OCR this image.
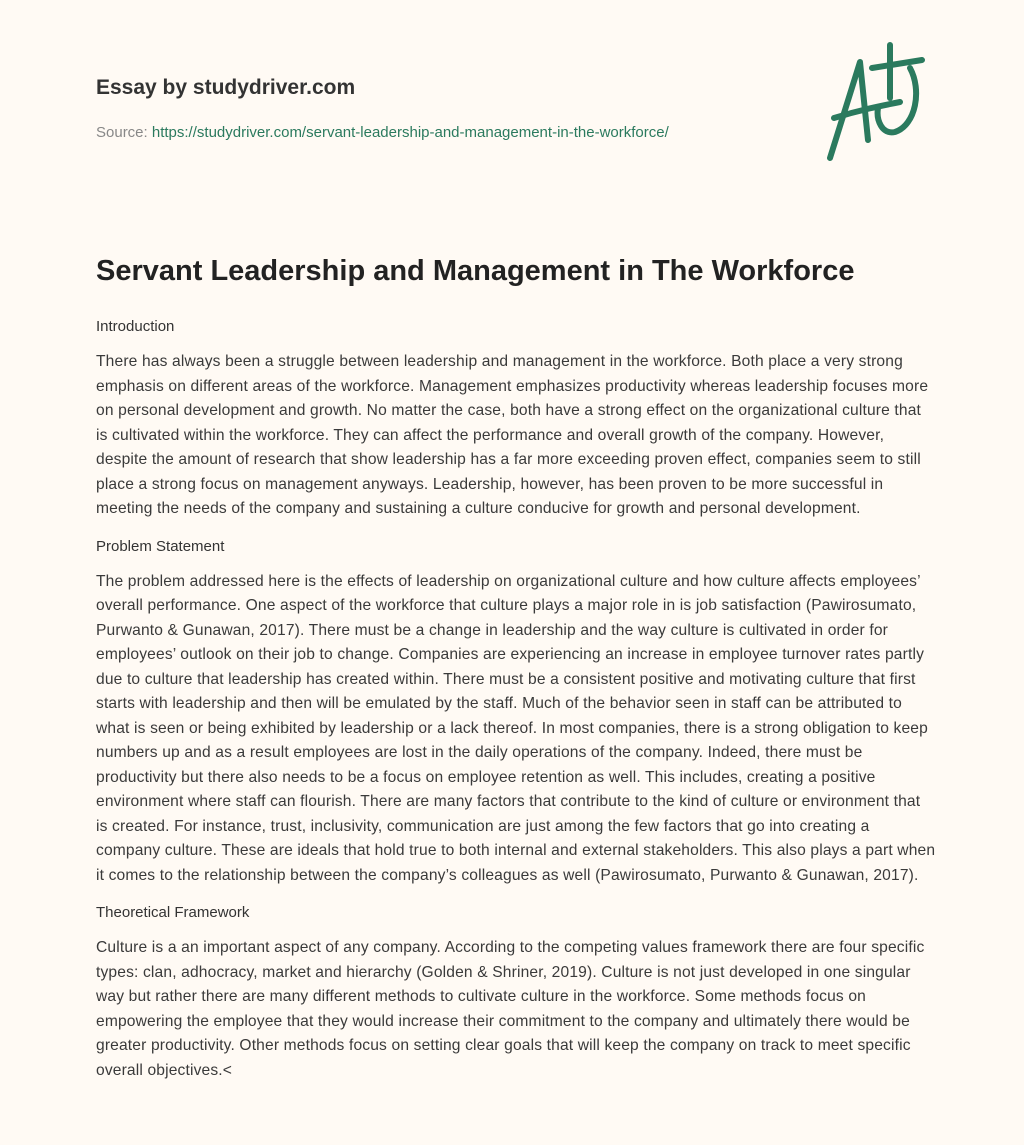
Essay by studydriver.com
Source: https://studydriver.com/servant-leadership-and-management-in-the-workforce/
Servant Leadership and Management in The Workforce
Introduction

There has always been a struggle between leadership and management in the workforce. Both place a very strong emphasis on different areas of the workforce. Management emphasizes productivity whereas leadership focuses more on personal development and growth. No matter the case, both have a strong effect on the organizational culture that is cultivated within the workforce. They can affect the performance and overall growth of the company. However, despite the amount of research that show leadership has a far more exceeding proven effect, companies seem to still place a strong focus on management anyways. Leadership, however, has been proven to be more successful in meeting the needs of the company and sustaining a culture conducive for growth and personal development.

Problem Statement

The problem addressed here is the effects of leadership on organizational culture and how culture affects employees’ overall performance. One aspect of the workforce that culture plays a major role in is job satisfaction (Pawirosumato, Purwanto & Gunawan, 2017). There must be a change in leadership and the way culture is cultivated in order for employees’ outlook on their job to change. Companies are experiencing an increase in employee turnover rates partly due to culture that leadership has created within. There must be a consistent positive and motivating culture that first starts with leadership and then will be emulated by the staff. Much of the behavior seen in staff can be attributed to what is seen or being exhibited by leadership or a lack thereof. In most companies, there is a strong obligation to keep numbers up and as a result employees are lost in the daily operations of the company. Indeed, there must be productivity but there also needs to be a focus on employee retention as well. This includes, creating a positive environment where staff can flourish. There are many factors that contribute to the kind of culture or environment that is created. For instance, trust, inclusivity, communication are just among the few factors that go into creating a company culture. These are ideals that hold true to both internal and external stakeholders. This also plays a part when it comes to the relationship between the company’s colleagues as well (Pawirosumato, Purwanto & Gunawan, 2017).

Theoretical Framework

Culture is a an important aspect of any company. According to the competing values framework there are four specific types: clan, adhocracy, market and hierarchy (Golden & Shriner, 2019). Culture is not just developed in one singular way but rather there are many different methods to cultivate culture in the workforce. Some methods focus on empowering the employee that they would increase their commitment to the company and ultimately there would be greater productivity. Other methods focus on setting clear goals that will keep the company on track to meet specific overall objectives.<
